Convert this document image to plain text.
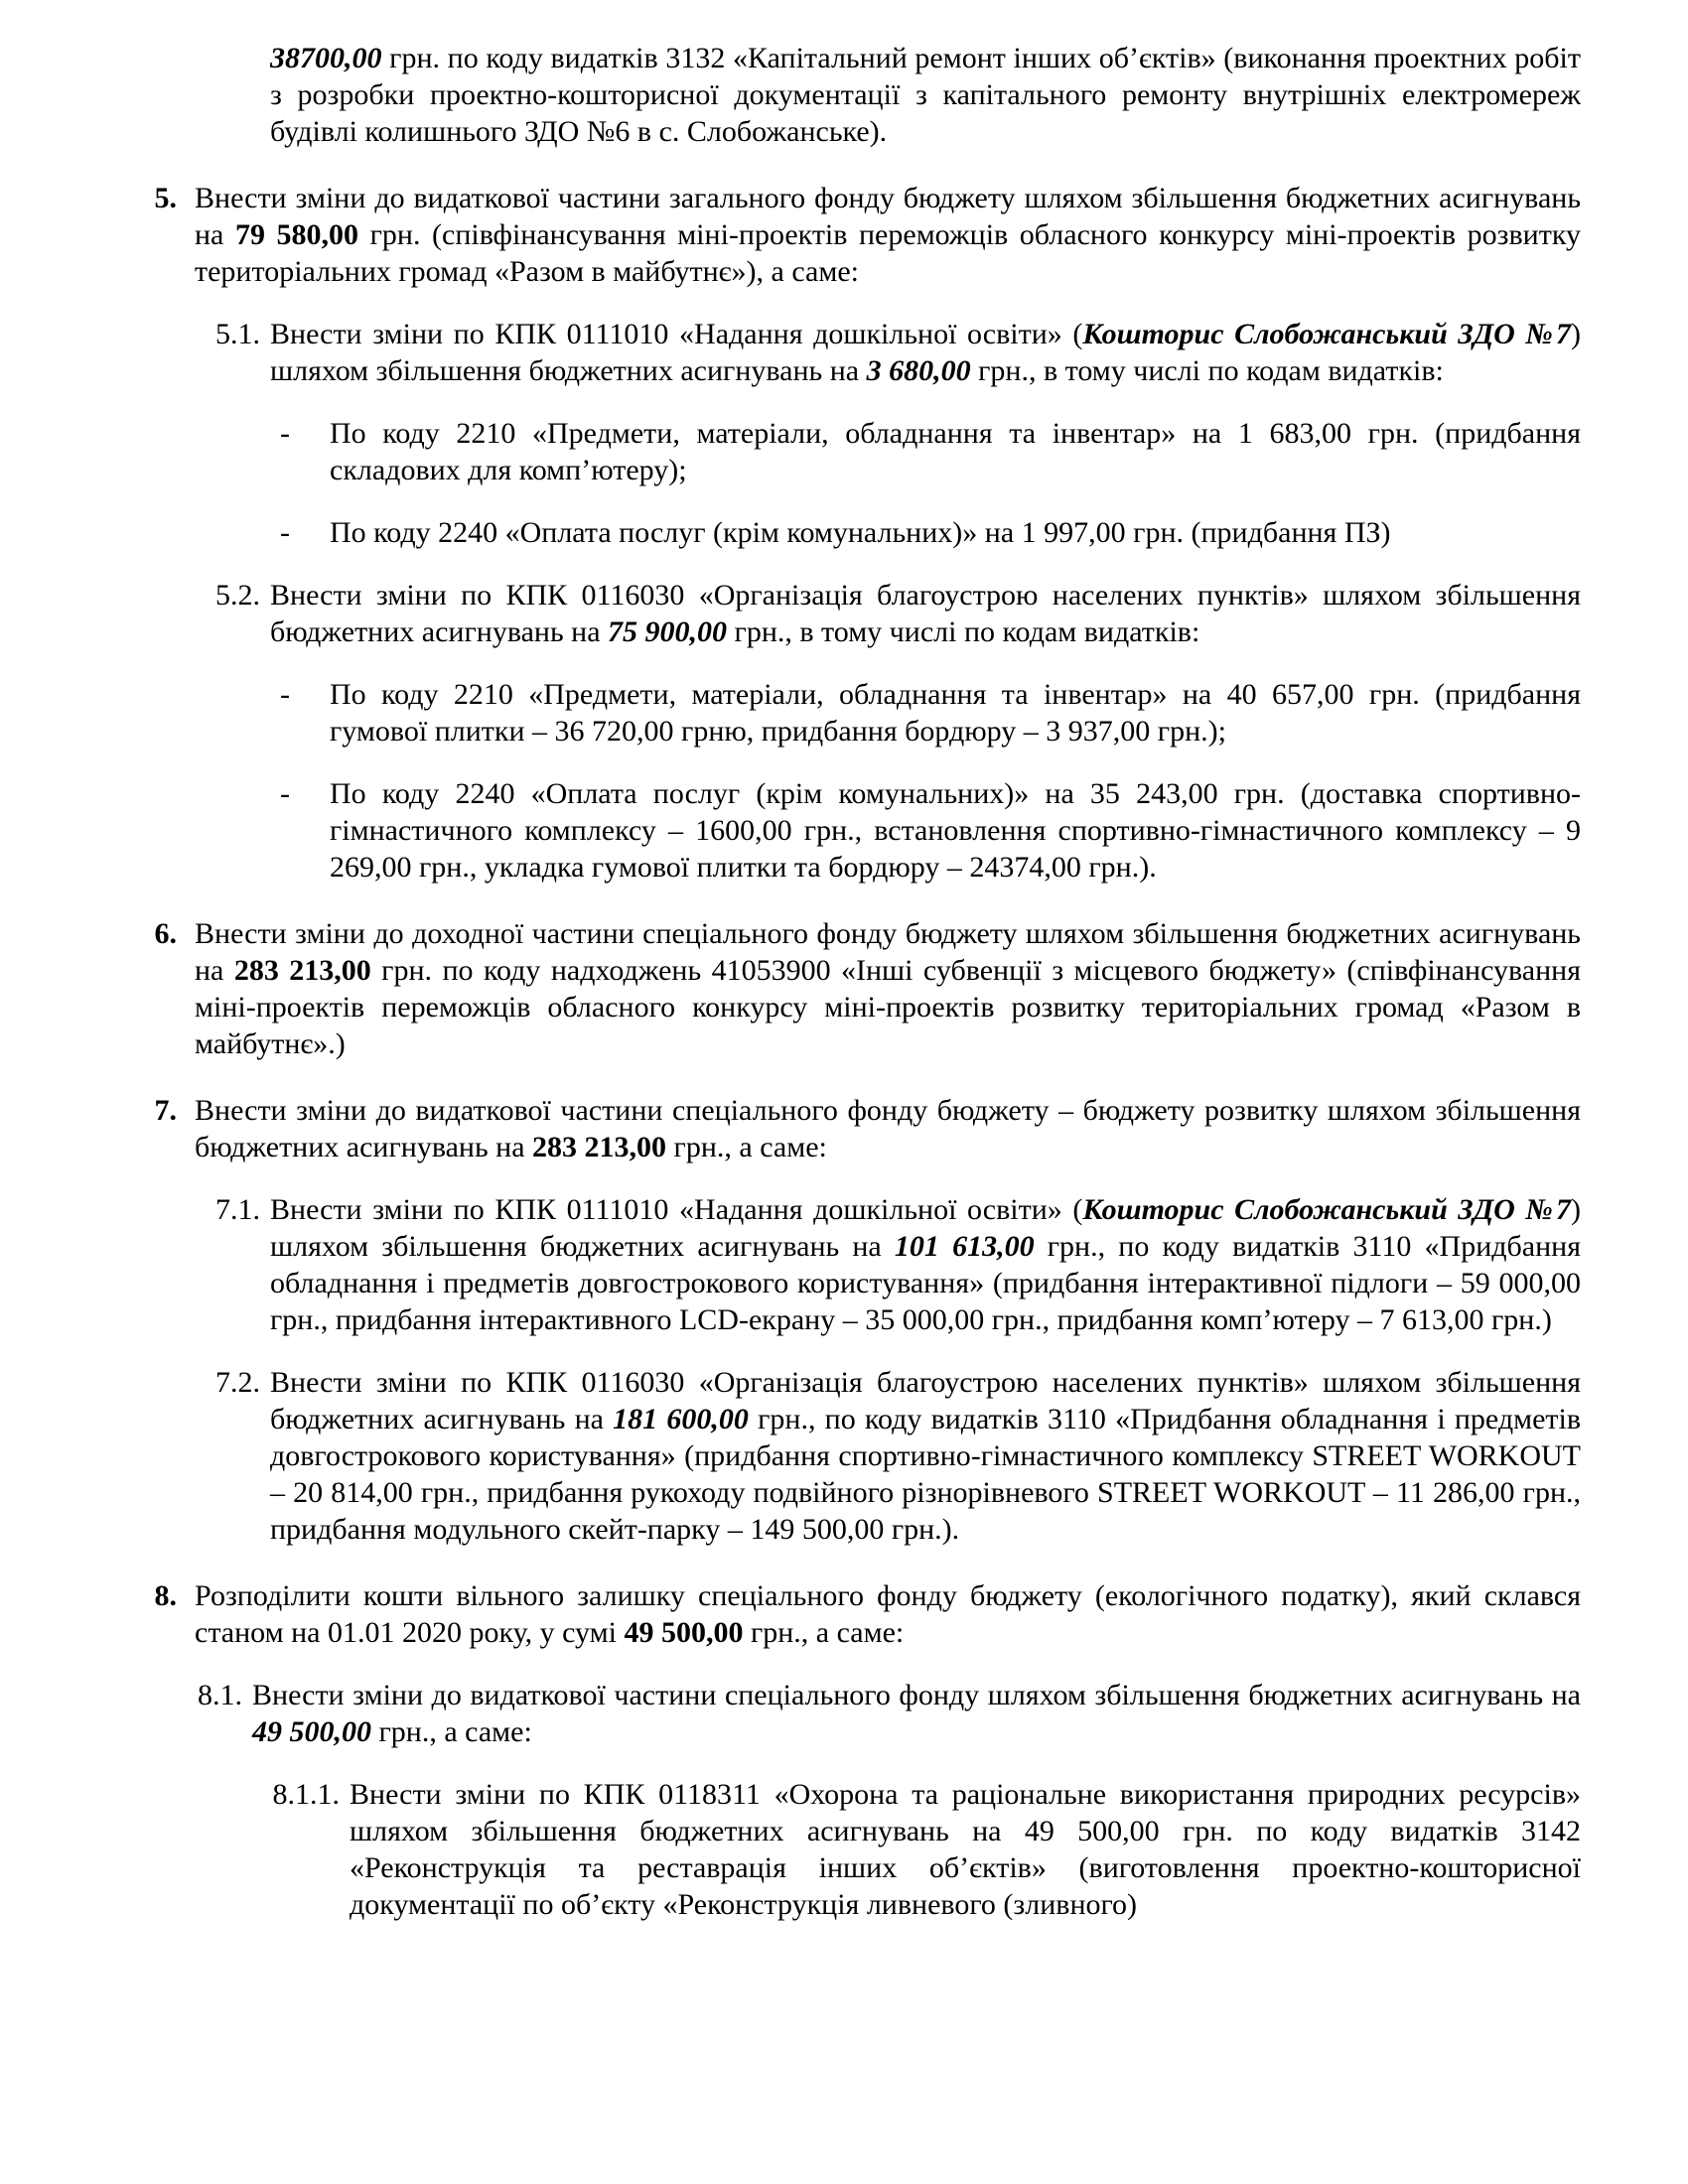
38700,00 грн. по коду видатків 3132 «Капітальний ремонт інших об’єктів» (виконання проектних робіт з розробки проектно-кошторисної документації з капітального ремонту внутрішніх електромереж будівлі колишнього ЗДО №6 в с. Слобожанське).

5. Внести зміни до видаткової частини загального фонду бюджету шляхом збільшення бюджетних асигнувань на 79 580,00 грн. (співфінансування міні-проектів переможців обласного конкурсу міні-проектів розвитку територіальних громад «Разом в майбутнє»), а саме:

5.1. Внести зміни по КПК 0111010 «Надання дошкільної освіти» (Кошторис Слобожанський ЗДО №7) шляхом збільшення бюджетних асигнувань на 3 680,00 грн., в тому числі по кодам видатків:

-	По коду 2210 «Предмети, матеріали, обладнання та інвентар» на 1 683,00 грн. (придбання складових для комп’ютеру);

-	По коду 2240 «Оплата послуг (крім комунальних)» на 1 997,00 грн. (придбання ПЗ)

5.2. Внести зміни по КПК 0116030 «Організація благоустрою населених пунктів» шляхом збільшення бюджетних асигнувань на 75 900,00 грн., в тому числі по кодам видатків:

-	По коду 2210 «Предмети, матеріали, обладнання та інвентар» на 40 657,00 грн. (придбання гумової плитки – 36 720,00 грню, придбання бордюру – 3 937,00 грн.);

-	По коду 2240 «Оплата послуг (крім комунальних)» на 35 243,00 грн. (доставка спортивно-гімнастичного комплексу – 1600,00 грн., встановлення спортивно-гімнастичного комплексу – 9 269,00 грн., укладка гумової плитки та бордюру – 24374,00 грн.).

6. Внести зміни до доходної частини спеціального фонду бюджету шляхом збільшення бюджетних асигнувань на 283 213,00 грн. по коду надходжень 41053900 «Інші субвенції з місцевого бюджету» (співфінансування міні-проектів переможців обласного конкурсу міні-проектів розвитку територіальних громад «Разом в майбутнє».)

7. Внести зміни до видаткової частини спеціального фонду бюджету – бюджету розвитку шляхом збільшення бюджетних асигнувань на 283 213,00 грн., а саме:

7.1. Внести зміни по КПК 0111010 «Надання дошкільної освіти» (Кошторис Слобожанський ЗДО №7) шляхом збільшення бюджетних асигнувань на 101 613,00 грн., по коду видатків 3110 «Придбання обладнання і предметів довгострокового користування» (придбання інтерактивної підлоги – 59 000,00 грн., придбання інтерактивного LCD-екрану – 35 000,00 грн., придбання комп’ютеру – 7 613,00 грн.)

7.2. Внести зміни по КПК 0116030 «Організація благоустрою населених пунктів» шляхом збільшення бюджетних асигнувань на 181 600,00 грн., по коду видатків 3110 «Придбання обладнання і предметів довгострокового користування» (придбання спортивно-гімнастичного комплексу STREET WORKOUT – 20 814,00 грн., придбання рукоходу подвійного різнорівневого STREET WORKOUT – 11 286,00 грн., придбання модульного скейт-парку – 149 500,00 грн.).

8. Розподілити кошти вільного залишку спеціального фонду бюджету (екологічного податку), який склався станом на 01.01 2020 року, у сумі 49 500,00 грн., а саме:

8.1. Внести зміни до видаткової частини спеціального фонду шляхом збільшення бюджетних асигнувань на 49 500,00 грн., а саме:

8.1.1. Внести зміни по КПК 0118311 «Охорона та раціональне використання природних ресурсів» шляхом збільшення бюджетних асигнувань на 49 500,00 грн. по коду видатків 3142 «Реконструкція та реставрація інших об’єктів» (виготовлення проектно-кошторисної документації по об’єкту «Реконструкція ливневого (зливного)
